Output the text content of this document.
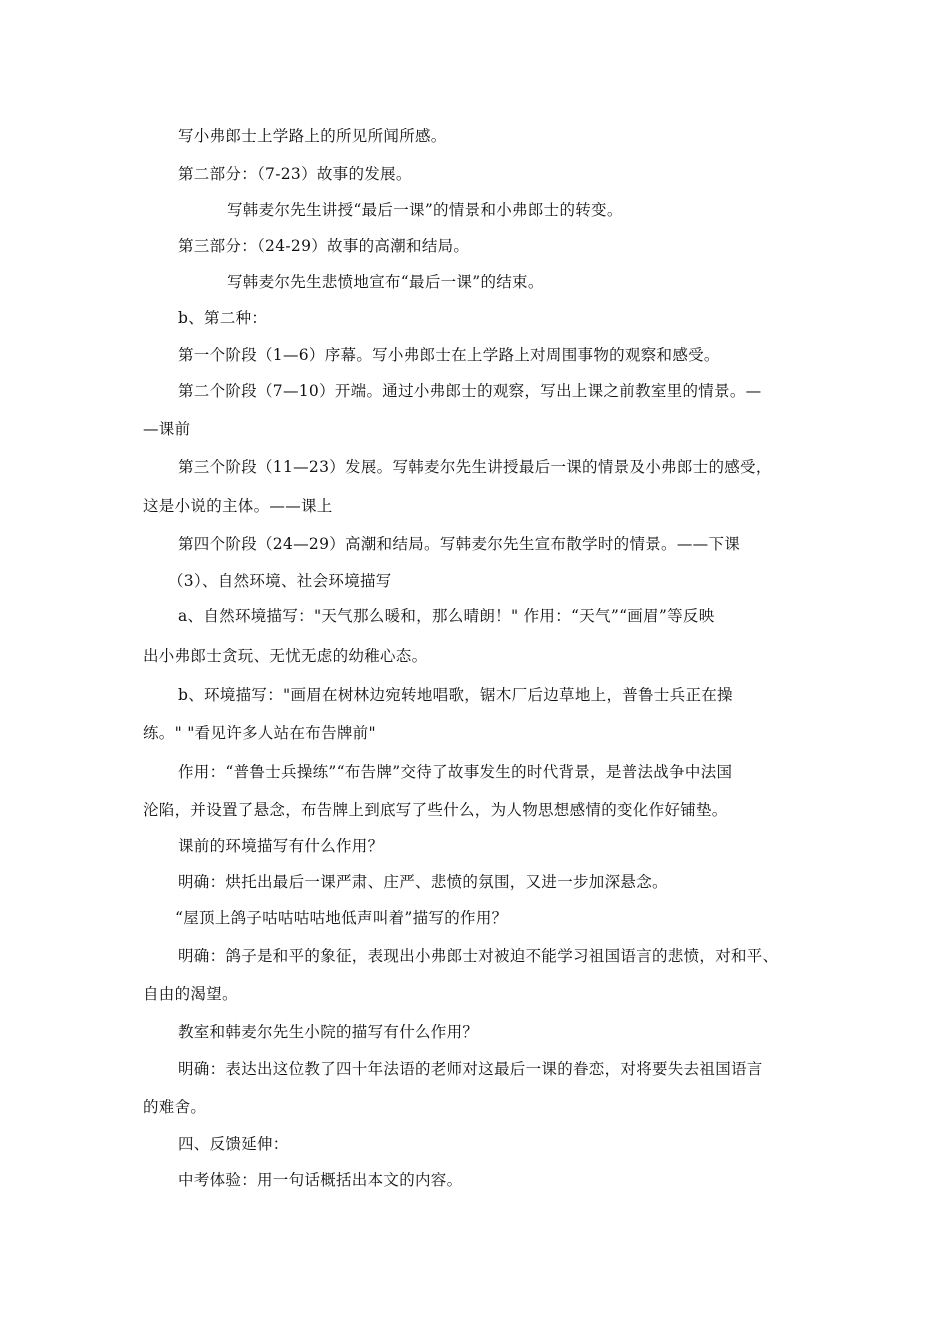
写小弗郎士上学路上的所见所闻所感。

第二部分：（7-23）故事的发展。

写韩麦尔先生讲授“最后一课”的情景和小弗郎士的转变。

第三部分：（24-29）故事的高潮和结局。

写韩麦尔先生悲愤地宣布“最后一课”的结束。

b、第二种：

第一个阶段（1—6）序幕。写小弗郎士在上学路上对周围事物的观察和感受。

第二个阶段（7—10）开端。通过小弗郎士的观察，写出上课之前教室里的情景。—

—课前

第三个阶段（11—23）发展。写韩麦尔先生讲授最后一课的情景及小弗郎士的感受，

这是小说的主体。——课上

第四个阶段（24—29）高潮和结局。写韩麦尔先生宣布散学时的情景。——下课

（3）、自然环境、社会环境描写

a、自然环境描写："天气那么暖和，那么晴朗！" 作用：“天气”“画眉”等反映

出小弗郎士贪玩、无忧无虑的幼稚心态。

b、环境描写："画眉在树林边宛转地唱歌，锯木厂后边草地上，普鲁士兵正在操

练。" "看见许多人站在布告牌前"

作用：“普鲁士兵操练”“布告牌”交待了故事发生的时代背景，是普法战争中法国

沦陷，并设置了悬念，布告牌上到底写了些什么，为人物思想感情的变化作好铺垫。

课前的环境描写有什么作用？

明确：烘托出最后一课严肃、庄严、悲愤的氛围，又进一步加深悬念。

“屋顶上鸽子咕咕咕咕地低声叫着”描写的作用？

明确：鸽子是和平的象征，表现出小弗郎士对被迫不能学习祖国语言的悲愤，对和平、

自由的渴望。

教室和韩麦尔先生小院的描写有什么作用？

明确：表达出这位教了四十年法语的老师对这最后一课的眷恋，对将要失去祖国语言

的难舍。

四、反馈延伸：

中考体验：用一句话概括出本文的内容。
